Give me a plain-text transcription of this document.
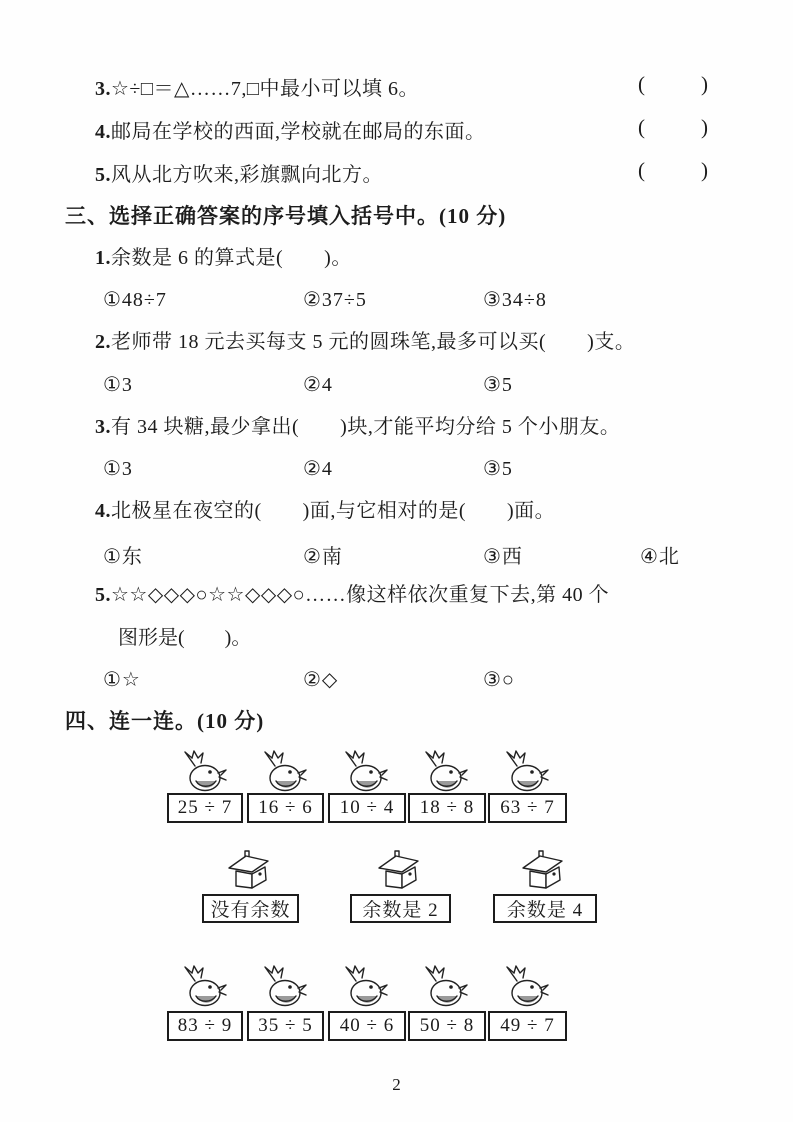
3.☆÷□＝△……7,□中最小可以填 6。	(	)
4.邮局在学校的西面,学校就在邮局的东面。	(	)
5.风从北方吹来,彩旗飘向北方。	(	)
三、选择正确答案的序号填入括号中。(10 分)
1.余数是 6 的算式是(　　)。
①48÷7	②37÷5	③34÷8
2.老师带 18 元去买每支 5 元的圆珠笔,最多可以买(　　)支。
①3	②4	③5
3.有 34 块糖,最少拿出(　　)块,才能平均分给 5 个小朋友。
①3	②4	③5
4.北极星在夜空的(　　)面,与它相对的是(　　)面。
①东	②南	③西	④北
5.☆☆◇◇◇○☆☆◇◇◇○……像这样依次重复下去,第 40 个
图形是(　　)。
①☆	②◇	③○
四、连一连。(10 分)
25 ÷ 7	16 ÷ 6	10 ÷ 4	18 ÷ 8	63 ÷ 7
没有余数	余数是 2	余数是 4
83 ÷ 9	35 ÷ 5	40 ÷ 6	50 ÷ 8	49 ÷ 7
2
